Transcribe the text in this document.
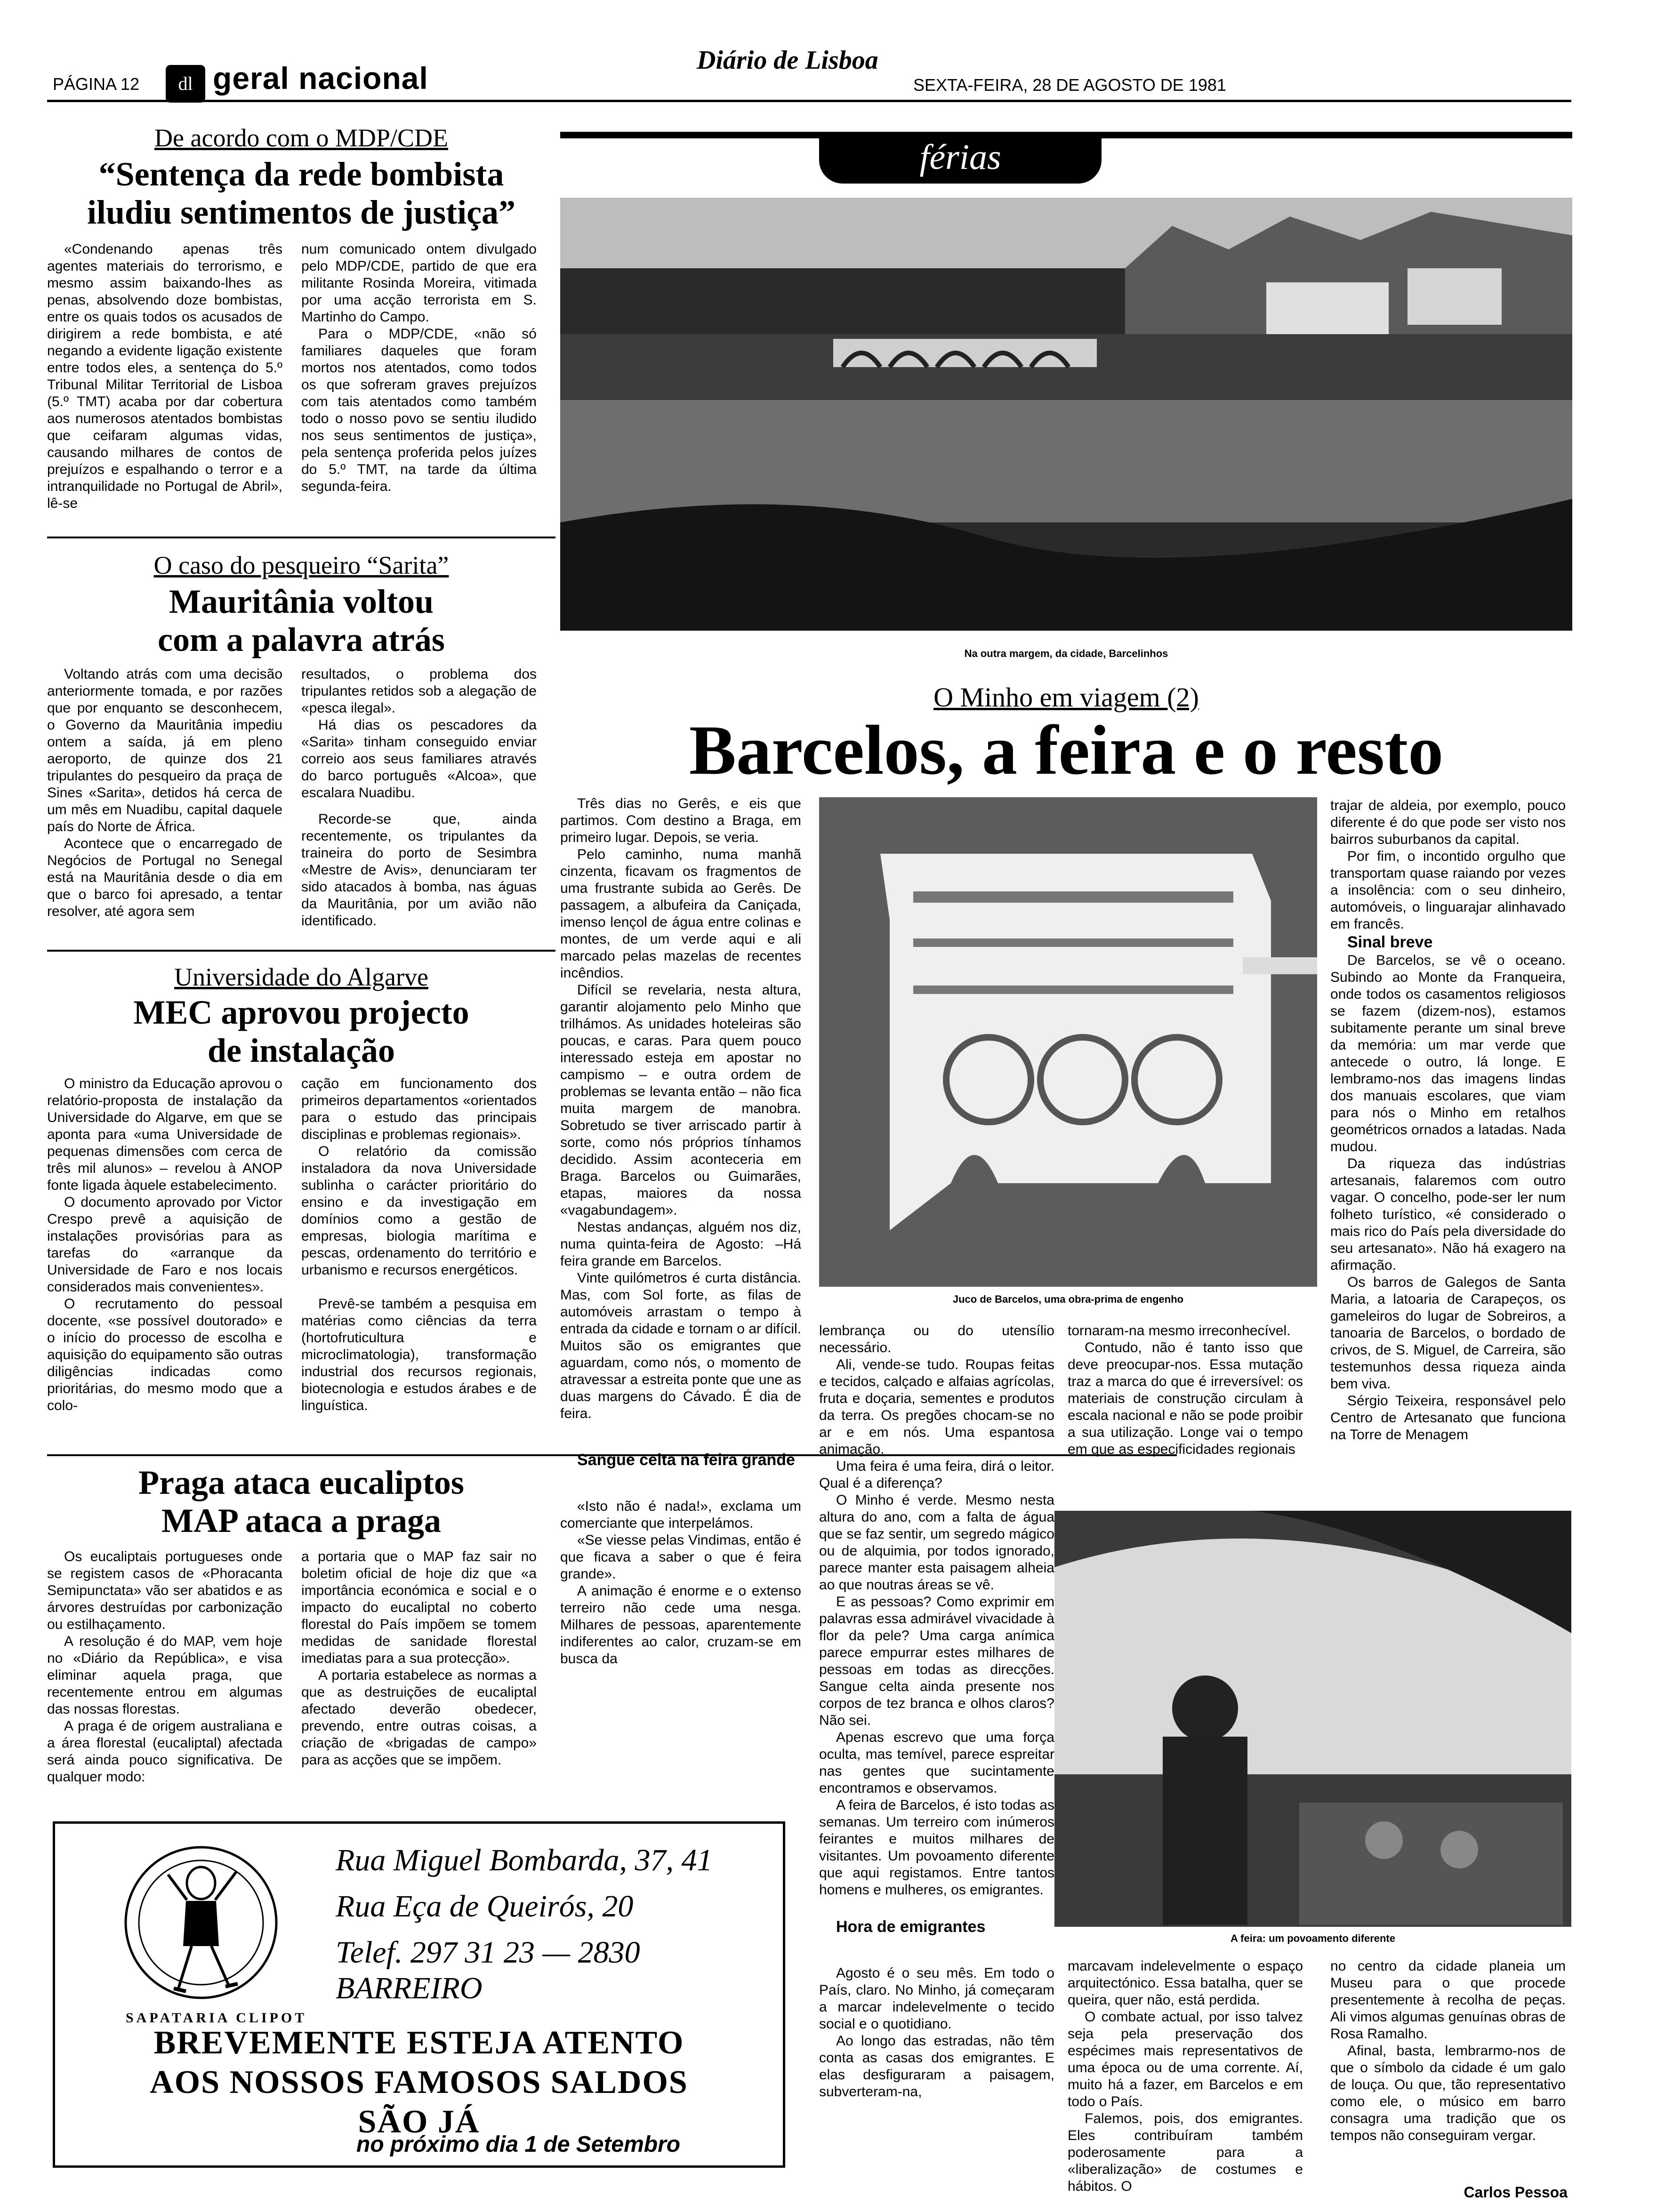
PÁGINA 12	dl geral nacional
Diário de Lisboa
SEXTA-FEIRA, 28 DE AGOSTO DE 1981
De acordo com o MDP/CDE
“Sentença da rede bombista
iludiu sentimentos de justiça”

«Condenando apenas três agentes materiais do terrorismo, e mesmo assim baixando-lhes as penas, absolvendo doze bombistas, entre os quais todos os acusados de dirigirem a rede bombista, e até negando a evidente ligação existente entre todos eles, a sentença do 5.º Tribunal Militar Territorial de Lisboa (5.º TMT) acaba por dar cobertura aos numerosos atentados bombistas que ceifaram algumas vidas, causando milhares de contos de prejuízos e espalhando o terror e a intranquilidade no Portugal de Abril», lê-se

num comunicado ontem divulgado pelo MDP/CDE, partido de que era militante Rosinda Moreira, vitimada por uma acção terrorista em S. Martinho do Campo.

Para o MDP/CDE, «não só familiares daqueles que foram mortos nos atentados, como todos os que sofreram graves prejuízos com tais atentados como também todo o nosso povo se sentiu iludido nos seus sentimentos de justiça», pela sentença proferida pelos juízes do 5.º TMT, na tarde da última segunda-feira.

O caso do pesqueiro “Sarita”
Mauritânia voltou
com a palavra atrás

Voltando atrás com uma decisão anteriormente tomada, e por razões que por enquanto se desconhecem, o Governo da Mauritânia impediu ontem a saída, já em pleno aeroporto, de quinze dos 21 tripulantes do pesqueiro da praça de Sines «Sarita», detidos há cerca de um mês em Nuadibu, capital daquele país do Norte de África.

Acontece que o encarregado de Negócios de Portugal no Senegal está na Mauritânia desde o dia em que o barco foi apresado, a tentar resolver, até agora sem

resultados, o problema dos tripulantes retidos sob a alegação de «pesca ilegal».

Há dias os pescadores da «Sarita» tinham conseguido enviar correio aos seus familiares através do barco português «Alcoa», que escalara Nuadibu.

Recorde-se que, ainda recentemente, os tripulantes da traineira do porto de Sesimbra «Mestre de Avis», denunciaram ter sido atacados à bomba, nas águas da Mauritânia, por um avião não identificado.

Universidade do Algarve
MEC aprovou projecto
de instalação

O ministro da Educação aprovou o relatório-proposta de instalação da Universidade do Algarve, em que se aponta para «uma Universidade de pequenas dimensões com cerca de três mil alunos» – revelou à ANOP fonte ligada àquele estabelecimento.

O documento aprovado por Victor Crespo prevê a aquisição de instalações provisórias para as tarefas do «arranque da Universidade de Faro e nos locais considerados mais convenientes».

O recrutamento do pessoal docente, «se possível doutorado» e o início do processo de escolha e aquisição do equipamento são outras diligências indicadas como prioritárias, do mesmo modo que a colo-

cação em funcionamento dos primeiros departamentos «orientados para o estudo das principais disciplinas e problemas regionais».

O relatório da comissão instaladora da nova Universidade sublinha o carácter prioritário do ensino e da investigação em domínios como a gestão de empresas, biologia marítima e pescas, ordenamento do território e urbanismo e recursos energéticos.

Prevê-se também a pesquisa em matérias como ciências da terra (hortofruticultura e microclimatologia), transformação industrial dos recursos regionais, biotecnologia e estudos árabes e de linguística.

Praga ataca eucaliptos
MAP ataca a praga

Os eucaliptais portugueses onde se registem casos de «Phoracanta Semipunctata» vão ser abatidos e as árvores destruídas por carbonização ou estilhaçamento.

A resolução é do MAP, vem hoje no «Diário da República», e visa eliminar aquela praga, que recentemente entrou em algumas das nossas florestas.

A praga é de origem australiana e a área florestal (eucaliptal) afectada será ainda pouco significativa. De qualquer modo:

a portaria que o MAP faz sair no boletim oficial de hoje diz que «a importância económica e social e o impacto do eucaliptal no coberto florestal do País impõem se tomem medidas de sanidade florestal imediatas para a sua protecção».

A portaria estabelece as normas a que as destruições de eucaliptal afectado deverão obedecer, prevendo, entre outras coisas, a criação de «brigadas de campo» para as acções que se impõem.

SAPATARIA CLIPOT
Rua Miguel Bombarda, 37, 41
Rua Eça de Queirós, 20
Telef. 297 31 23 — 2830 BARREIRO
BREVEMENTE ESTEJA ATENTO
AOS NOSSOS FAMOSOS SALDOS
SÃO JÁ
no próximo dia 1 de Setembro
férias
Na outra margem, da cidade, Barcelinhos
O Minho em viagem (2)
Barcelos, a feira e o resto
Juco de Barcelos, uma obra-prima de engenho
A feira: um povoamento diferente

Três dias no Gerês, e eis que partimos. Com destino a Braga, em primeiro lugar. Depois, se veria.

Pelo caminho, numa manhã cinzenta, ficavam os fragmentos de uma frustrante subida ao Gerês. De passagem, a albufeira da Caniçada, imenso lençol de água entre colinas e montes, de um verde aqui e ali marcado pelas mazelas de recentes incêndios.

Difícil se revelaria, nesta altura, garantir alojamento pelo Minho que trilhámos. As unidades hoteleiras são poucas, e caras. Para quem pouco interessado esteja em apostar no campismo – e outra ordem de problemas se levanta então – não fica muita margem de manobra. Sobretudo se tiver arriscado partir à sorte, como nós próprios tínhamos decidido. Assim aconteceria em Braga. Barcelos ou Guimarães, etapas, maiores da nossa «vagabundagem».

Nestas andanças, alguém nos diz, numa quinta-feira de Agosto: –Há feira grande em Barcelos.

Vinte quilómetros é curta distância. Mas, com Sol forte, as filas de automóveis arrastam o tempo à entrada da cidade e tornam o ar difícil. Muitos são os emigrantes que aguardam, como nós, o momento de atravessar a estreita ponte que une as duas margens do Cávado. É dia de feira.

Sangue celta na feira grande

«Isto não é nada!», exclama um comerciante que interpelámos.

«Se viesse pelas Vindimas, então é que ficava a saber o que é feira grande».

A animação é enorme e o extenso terreiro não cede uma nesga. Milhares de pessoas, aparentemente indiferentes ao calor, cruzam-se em busca da

lembrança ou do utensílio necessário.

Ali, vende-se tudo. Roupas feitas e tecidos, calçado e alfaias agrícolas, fruta e doçaria, sementes e produtos da terra. Os pregões chocam-se no ar e em nós. Uma espantosa animação.

Uma feira é uma feira, dirá o leitor. Qual é a diferença?

O Minho é verde. Mesmo nesta altura do ano, com a falta de água que se faz sentir, um segredo mágico ou de alquimia, por todos ignorado, parece manter esta paisagem alheia ao que noutras áreas se vê.

E as pessoas? Como exprimir em palavras essa admirável vivacidade à flor da pele? Uma carga anímica parece empurrar estes milhares de pessoas em todas as direcções. Sangue celta ainda presente nos corpos de tez branca e olhos claros? Não sei.

Apenas escrevo que uma força oculta, mas temível, parece espreitar nas gentes que sucintamente encontramos e observamos.

A feira de Barcelos, é isto todas as semanas. Um terreiro com inúmeros feirantes e muitos milhares de visitantes. Um povoamento diferente que aqui registamos. Entre tantos homens e mulheres, os emigrantes.

Hora de emigrantes

Agosto é o seu mês. Em todo o País, claro. No Minho, já começaram a marcar indelevelmente o tecido social e o quotidiano.

Ao longo das estradas, não têm conta as casas dos emigrantes. E elas desfiguraram a paisagem, subverteram-na,

tornaram-na mesmo irreconhecível.

Contudo, não é tanto isso que deve preocupar-nos. Essa mutação traz a marca do que é irreversível: os materiais de construção circulam à escala nacional e não se pode proibir a sua utilização. Longe vai o tempo em que as especificidades regionais

marcavam indelevelmente o espaço arquitectónico. Essa batalha, quer se queira, quer não, está perdida.

O combate actual, por isso talvez seja pela preservação dos espécimes mais representativos de uma época ou de uma corrente. Aí, muito há a fazer, em Barcelos e em todo o País.

Falemos, pois, dos emigrantes. Eles contribuíram também poderosamente para a «liberalização» de costumes e hábitos. O

trajar de aldeia, por exemplo, pouco diferente é do que pode ser visto nos bairros suburbanos da capital.

Por fim, o incontido orgulho que transportam quase raiando por vezes a insolência: com o seu dinheiro, automóveis, o linguarajar alinhavado em francês.

Sinal breve

De Barcelos, se vê o oceano. Subindo ao Monte da Franqueira, onde todos os casamentos religiosos se fazem (dizem-nos), estamos subitamente perante um sinal breve da memória: um mar verde que antecede o outro, lá longe. E lembramo-nos das imagens lindas dos manuais escolares, que viam para nós o Minho em retalhos geométricos ornados a latadas. Nada mudou.

Da riqueza das indústrias artesanais, falaremos com outro vagar. O concelho, pode-ser ler num folheto turístico, «é considerado o mais rico do País pela diversidade do seu artesanato». Não há exagero na afirmação.

Os barros de Galegos de Santa Maria, a latoaria de Carapeços, os gameleiros do lugar de Sobreiros, a tanoaria de Barcelos, o bordado de crivos, de S. Miguel, de Carreira, são testemunhos dessa riqueza ainda bem viva.

Sérgio Teixeira, responsável pelo Centro de Artesanato que funciona na Torre de Menagem

no centro da cidade planeia um Museu para o que procede presentemente à recolha de peças. Ali vimos algumas genuínas obras de Rosa Ramalho.

Afinal, basta, lembrarmo-nos de que o símbolo da cidade é um galo de louça. Ou que, tão representativo como ele, o músico em barro consagra uma tradição que os tempos não conseguiram vergar.

Carlos Pessoa
